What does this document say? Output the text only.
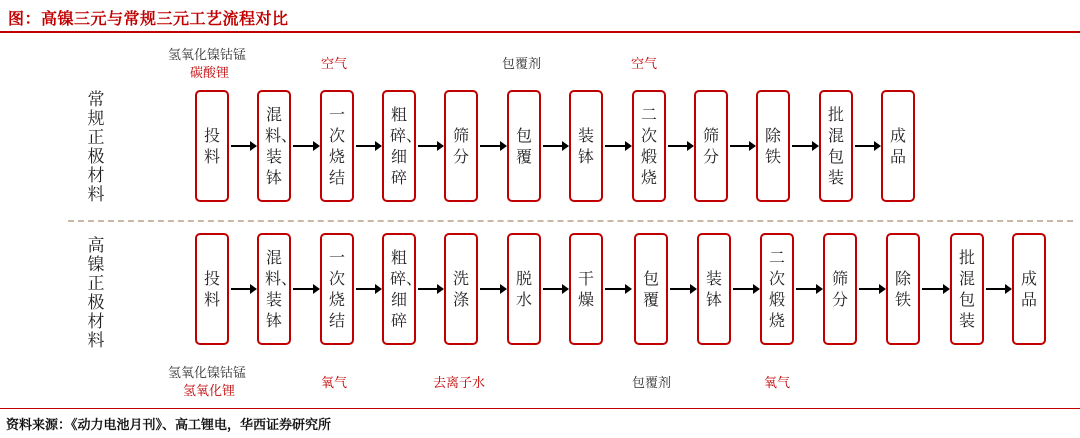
图：高镍三元与常规三元工艺流程对比
氢氧化镍钴锰
碳酸锂
空气	包覆剂	空气
常规正极材料
高镍正极材料
投料
混料、装钵
一次烧结
粗碎、细碎
筛分
包覆
装钵
二次煅烧
筛分
除铁
批混包装
成品
投料
混料、装钵
一次烧结
粗碎、细碎
洗涤
脱水
干燥
包覆
装钵
二次煅烧
筛分
除铁
批混包装
成品
氢氧化镍钴锰
氢氧化锂
氧气	去离子水	包覆剂	氧气
资料来源：《动力电池月刊》、高工锂电，华西证券研究所
